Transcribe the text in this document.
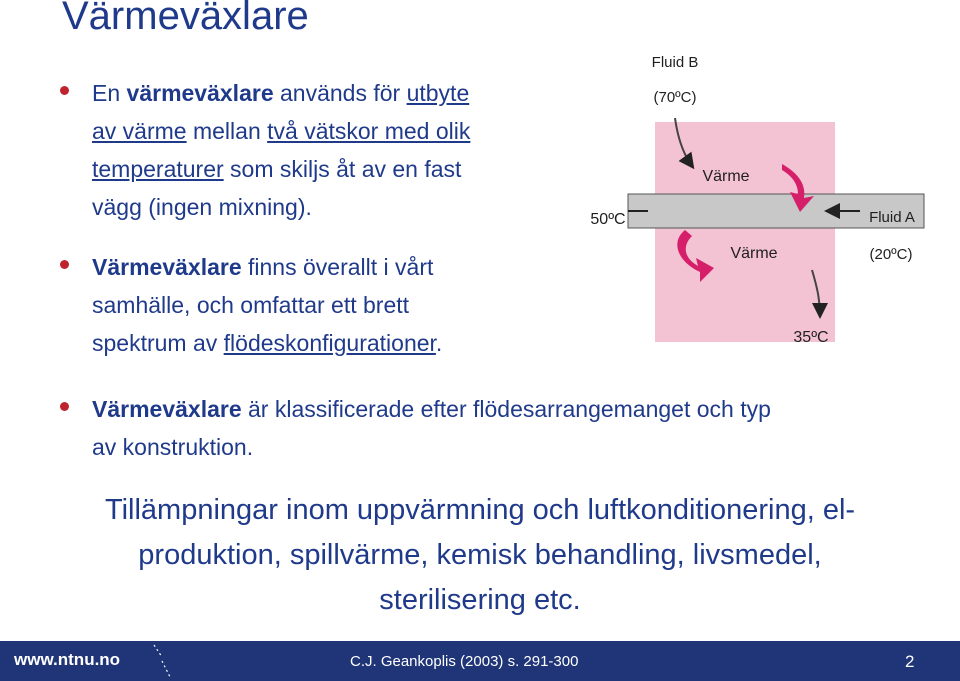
Värmeväxlare
En värmeväxlare används för utbyte
av värme mellan två vätskor med olik
temperaturer som skiljs åt av en fast
vägg (ingen mixning).
Värmeväxlare finns överallt i vårt
samhälle, och omfattar ett brett
spektrum av flödeskonfigurationer.
Värmeväxlare är klassificerade efter flödesarrangemanget och typ
av konstruktion.
Tillämpningar inom uppvärmning och luftkonditionering, el-
produktion, spillvärme, kemisk behandling, livsmedel,
sterilisering etc.
Fluid B
(70ºC)
Värme
Värme
50ºC	Fluid A
(20ºC)
35ºC
www.ntnu.no	C.J. Geankoplis (2003) s. 291-300	2
